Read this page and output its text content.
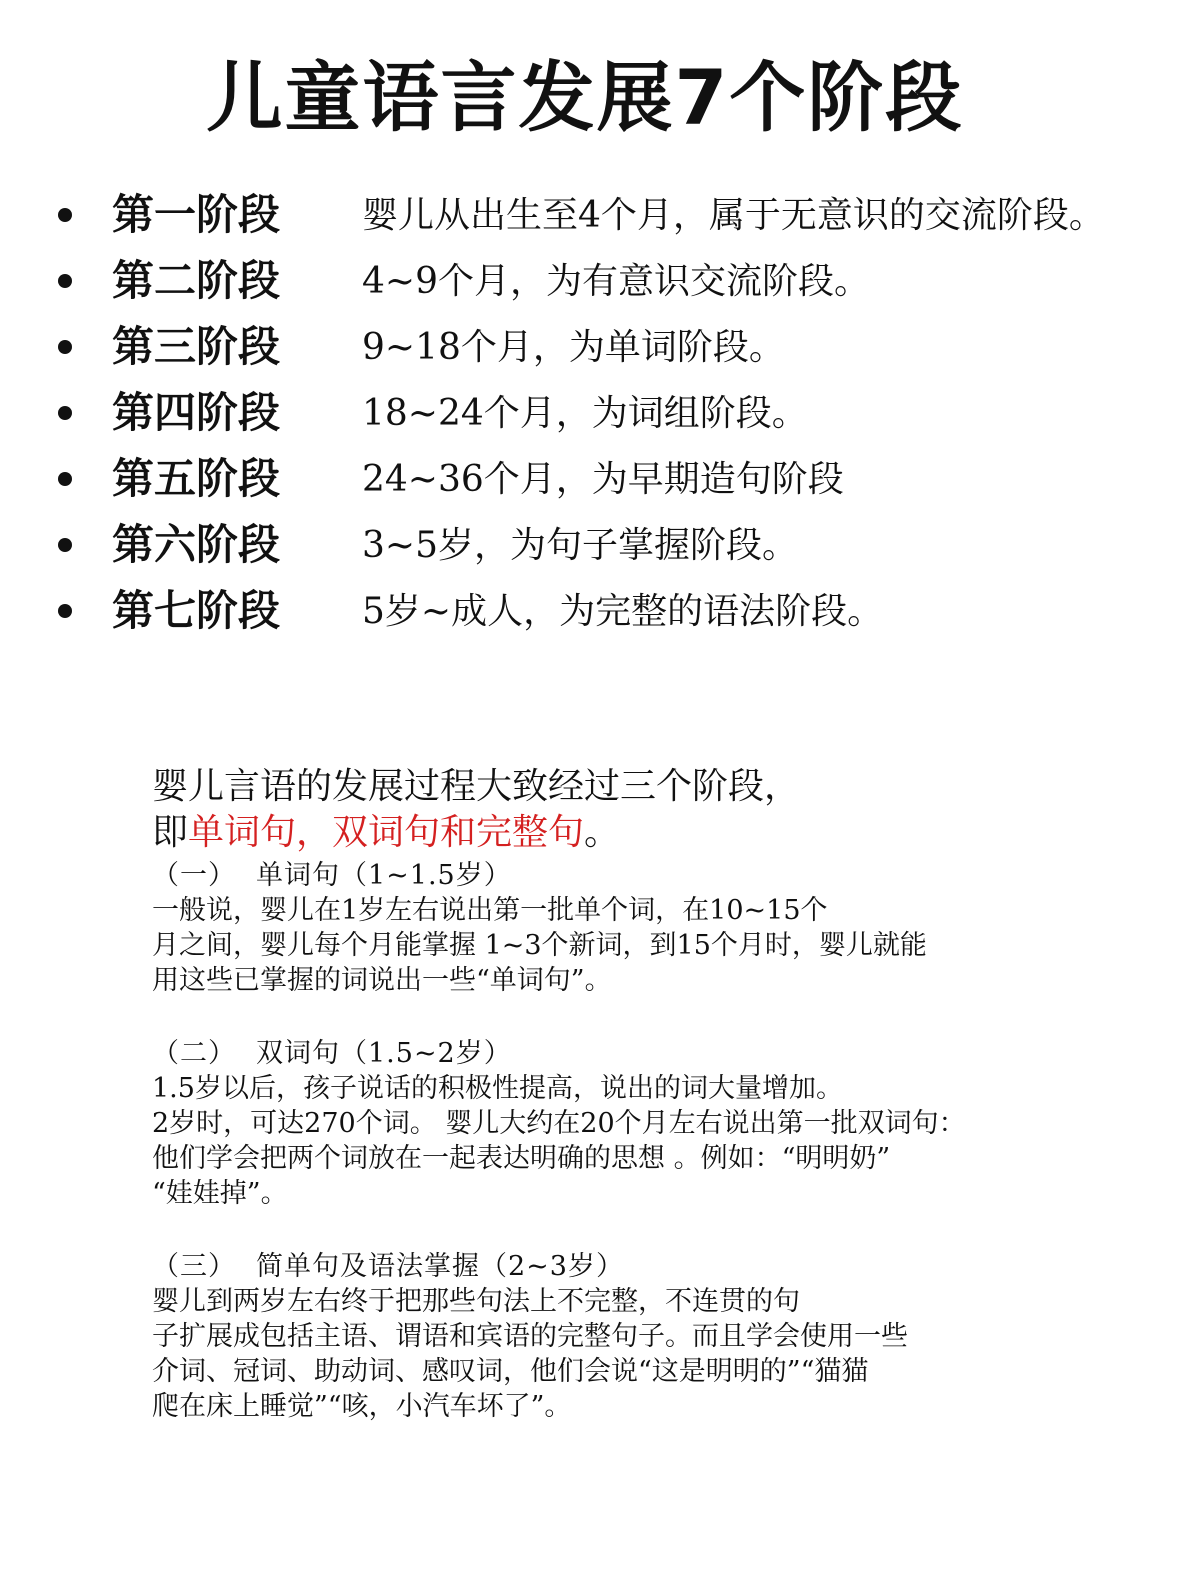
儿童语言发展7个阶段
第一阶段 婴儿从出生至4个月，属于无意识的交流阶段。
第二阶段 4~9个月，为有意识交流阶段。
第三阶段 9~18个月，为单词阶段。
第四阶段 18~24个月，为词组阶段。
第五阶段 24~36个月，为早期造句阶段
第六阶段 3~5岁，为句子掌握阶段。
第七阶段 5岁~成人，为完整的语法阶段。
婴儿言语的发展过程大致经过三个阶段，
即单词句，双词句和完整句。
（一） 单词句（1~1.5岁）
一般说，婴儿在1岁左右说出第一批单个词，在10~15个
月之间，婴儿每个月能掌握 1~3个新词，到15个月时，婴儿就能
用这些已掌握的词说出一些“单词句”。
（二） 双词句（1.5~2岁）
1.5岁以后，孩子说话的积极性提高，说出的词大量增加。
2岁时，可达270个词。 婴儿大约在20个月左右说出第一批双词句：
他们学会把两个词放在一起表达明确的思想 。例如：“明明奶”
“娃娃掉”。
（三） 简单句及语法掌握（2~3岁）
婴儿到两岁左右终于把那些句法上不完整，不连贯的句
子扩展成包括主语、谓语和宾语的完整句子。而且学会使用一些
介词、冠词、助动词、感叹词，他们会说“这是明明的”“猫猫
爬在床上睡觉”“咳，小汽车坏了”。
